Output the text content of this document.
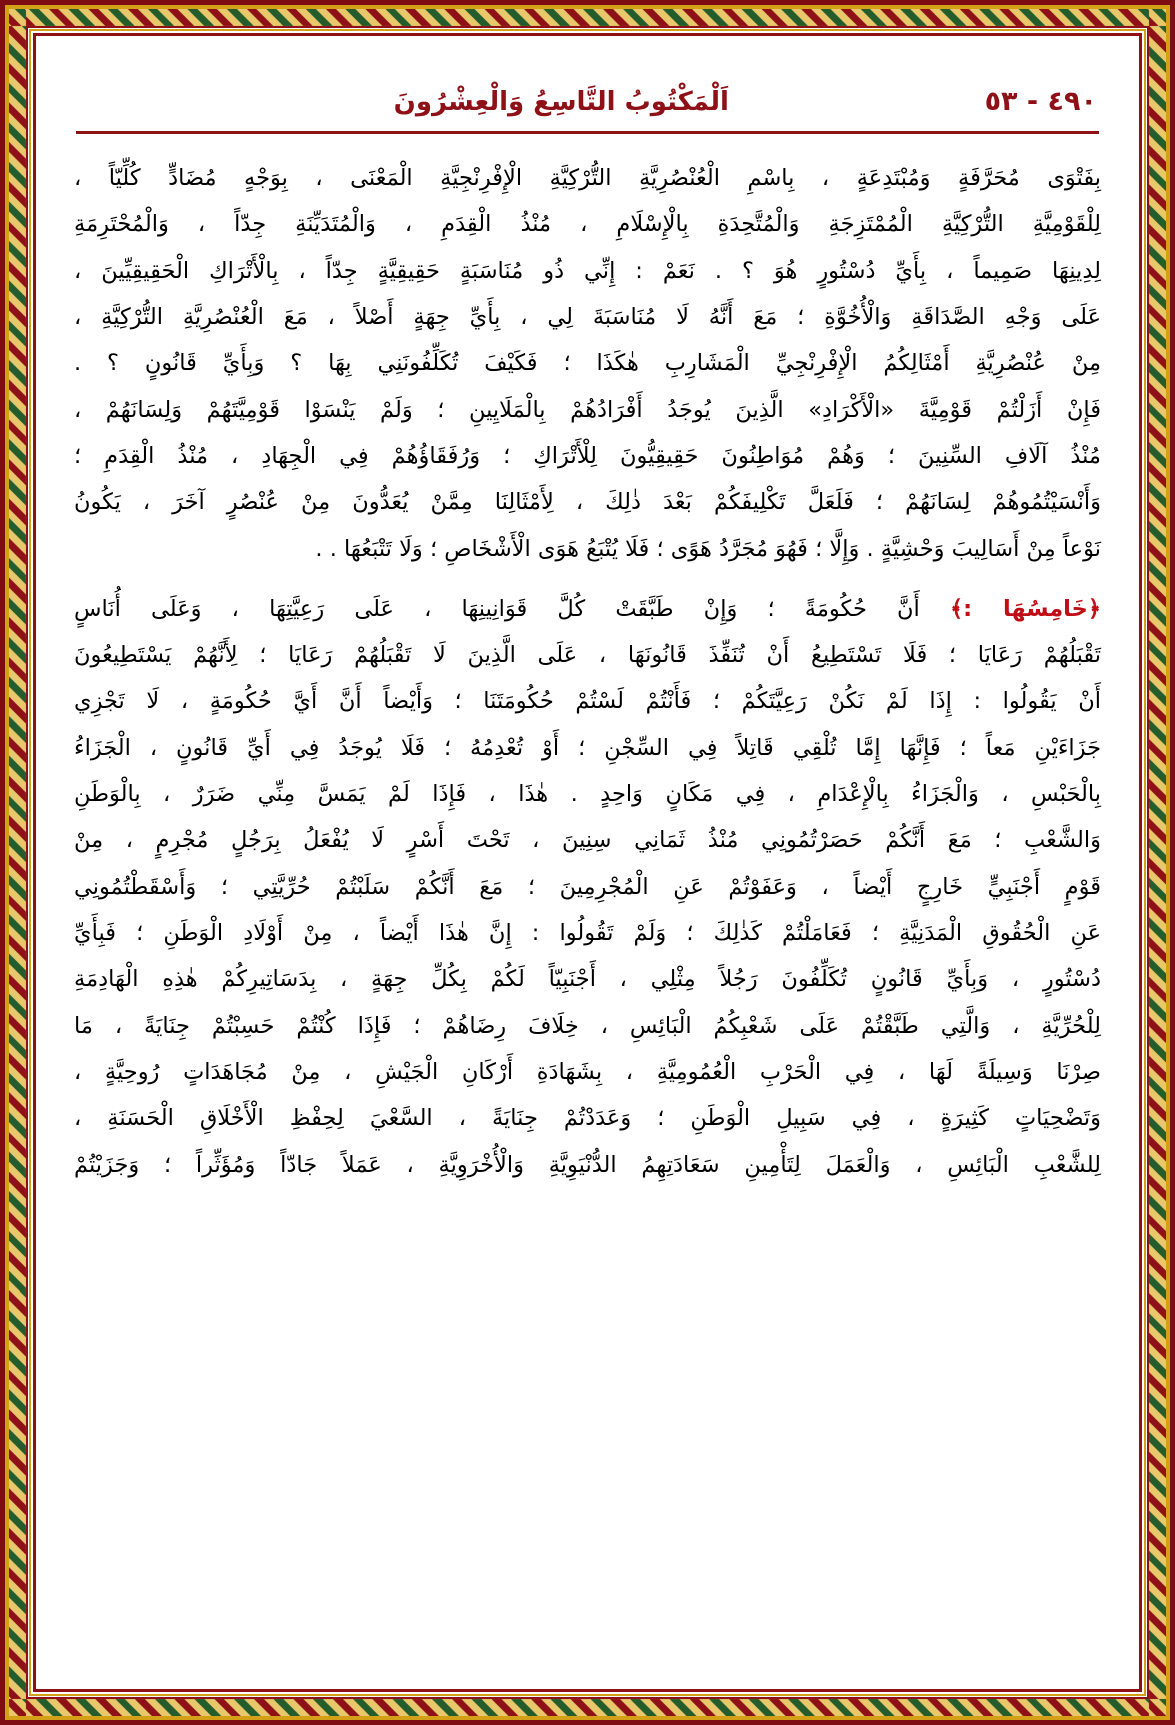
٤٩٠ - ٥٣
اَلْمَكْتُوبُ التَّاسِعُ وَالْعِشْرُونَ

بِفَتْوَى مُحَرَّفَةٍ وَمُبْتَدِعَةٍ ، بِاسْمِ الْعُنْصُرِيَّةِ التُّرْكِيَّةِ الْإِفْرِنْجِيَّةِ الْمَعْنَى ، بِوَجْهٍ مُضَادٍّ كُلِّيّاً ،

لِلْقَوْمِيَّةِ التُّرْكِيَّةِ الْمُمْتَزِجَةِ وَالْمُتَّحِدَةِ بِالْإِسْلَامِ ، مُنْذُ الْقِدَمِ ، وَالْمُتَدَيِّنَةِ جِدّاً ، وَالْمُحْتَرِمَةِ

لِدِينِهَا صَمِيماً ، بِأَيِّ دُسْتُورٍ هُوَ ؟ . نَعَمْ : إِنِّي ذُو مُنَاسَبَةٍ حَقِيقِيَّةٍ جِدّاً ، بِالْأَتْرَاكِ الْحَقِيقِيِّينَ ،

عَلَى وَجْهِ الصَّدَاقَةِ وَالْأُخُوَّةِ ؛ مَعَ أَنَّهُ لَا مُنَاسَبَةَ لِي ، بِأَيِّ جِهَةٍ أَصْلاً ، مَعَ الْعُنْصُرِيَّةِ التُّرْكِيَّةِ ،

مِنْ عُنْصُرِيَّةِ أَمْثَالِكُمُ الْإِفْرِنْجِيِّ الْمَشَارِبِ هٰكَذَا ؛ فَكَيْفَ تُكَلِّفُونَنِي بِهَا ؟ وَبِأَيِّ قَانُونٍ ؟ .

فَإِنْ أَزَلْتُمْ قَوْمِيَّةَ «الْأَكْرَادِ» الَّذِينَ يُوجَدُ أَفْرَادُهُمْ بِالْمَلَايِينِ ؛ وَلَمْ يَنْسَوْا قَوْمِيَّتَهُمْ وَلِسَانَهُمْ ،

مُنْذُ آلَافِ السِّنِينَ ؛ وَهُمْ مُوَاطِنُونَ حَقِيقِيُّونَ لِلْأَتْرَاكِ ؛ وَرُفَقَاؤُهُمْ فِي الْجِهَادِ ، مُنْذُ الْقِدَمِ ؛

وَأَنْسَيْتُمُوهُمْ لِسَانَهُمْ ؛ فَلَعَلَّ تَكْلِيفَكُمْ بَعْدَ ذٰلِكَ ، لِأَمْثَالِنَا مِمَّنْ يُعَدُّونَ مِنْ عُنْصُرٍ آخَرَ ، يَكُونُ

نَوْعاً مِنْ أَسَالِيبَ وَحْشِيَّةٍ . وَإِلَّا ؛ فَهُوَ مُجَرَّدُ هَوًى ؛ فَلَا يُتْبَعُ هَوَى الْأَشْخَاصِ ؛ وَلَا تَتْبَعُهَا . .

﴿خَامِسُهَا :﴾ أَنَّ حُكُومَةً ؛ وَإِنْ طَبَّقَتْ كُلَّ قَوَانِينِهَا ، عَلَى رَعِيَّتِهَا ، وَعَلَى أُنَاسٍ

تَقْبَلُهُمْ رَعَايَا ؛ فَلَا تَسْتَطِيعُ أَنْ تُنَفِّذَ قَانُونَهَا ، عَلَى الَّذِينَ لَا تَقْبَلُهُمْ رَعَايَا ؛ لِأَنَّهُمْ يَسْتَطِيعُونَ

أَنْ يَقُولُوا : إِذَا لَمْ نَكُنْ رَعِيَّتَكُمْ ؛ فَأَنْتُمْ لَسْتُمْ حُكُومَتَنَا ؛ وَأَيْضاً أَنَّ أَيَّ حُكُومَةٍ ، لَا تَجْزِي

جَزَاءَيْنِ مَعاً ؛ فَإِنَّهَا إِمَّا تُلْقِي قَاتِلاً فِي السِّجْنِ ؛ أَوْ تُعْدِمُهُ ؛ فَلَا يُوجَدُ فِي أَيِّ قَانُونٍ ، الْجَزَاءُ

بِالْحَبْسِ ، وَالْجَزَاءُ بِالْإِعْدَامِ ، فِي مَكَانٍ وَاحِدٍ . هٰذَا ، فَإِذَا لَمْ يَمَسَّ مِنِّي ضَرَرٌ ، بِالْوَطَنِ

وَالشَّعْبِ ؛ مَعَ أَنَّكُمْ حَصَرْتُمُونِي مُنْذُ ثَمَانِي سِنِينَ ، تَحْتَ أَسْرٍ لَا يُفْعَلُ بِرَجُلٍ مُجْرِمٍ ، مِنْ

قَوْمٍ أَجْنَبِيٍّ خَارِجٍ أَيْضاً ، وَعَفَوْتُمْ عَنِ الْمُجْرِمِينَ ؛ مَعَ أَنَّكُمْ سَلَبْتُمْ حُرِّيَّتِي ؛ وَأَسْقَطْتُمُونِي

عَنِ الْحُقُوقِ الْمَدَنِيَّةِ ؛ فَعَامَلْتُمْ كَذٰلِكَ ؛ وَلَمْ تَقُولُوا : إِنَّ هٰذَا أَيْضاً ، مِنْ أَوْلَادِ الْوَطَنِ ؛ فَبِأَيِّ

دُسْتُورٍ ، وَبِأَيِّ قَانُونٍ تُكَلِّفُونَ رَجُلاً مِثْلِي ، أَجْنَبِيّاً لَكُمْ بِكُلِّ جِهَةٍ ، بِدَسَاتِيرِكُمْ هٰذِهِ الْهَادِمَةِ

لِلْحُرِّيَّةِ ، وَالَّتِي طَبَّقْتُمْ عَلَى شَعْبِكُمُ الْبَائِسِ ، خِلَافَ رِضَاهُمْ ؛ فَإِذَا كُنْتُمْ حَسِبْتُمْ جِنَايَةً ، مَا

صِرْنَا وَسِيلَةً لَهَا ، فِي الْحَرْبِ الْعُمُومِيَّةِ ، بِشَهَادَةِ أَرْكَانِ الْجَيْشِ ، مِنْ مُجَاهَدَاتٍ رُوحِيَّةٍ ،

وَتَضْحِيَاتٍ كَثِيرَةٍ ، فِي سَبِيلِ الْوَطَنِ ؛ وَعَدَدْتُمْ جِنَايَةً ، السَّعْيَ لِحِفْظِ الْأَخْلَاقِ الْحَسَنَةِ ،

لِلشَّعْبِ الْبَائِسِ ، وَالْعَمَلَ لِتَأْمِينِ سَعَادَتِهِمُ الدُّنْيَوِيَّةِ وَالْأُخْرَوِيَّةِ ، عَمَلاً جَادّاً وَمُؤَثِّراً ؛ وَجَزَيْتُمْ
